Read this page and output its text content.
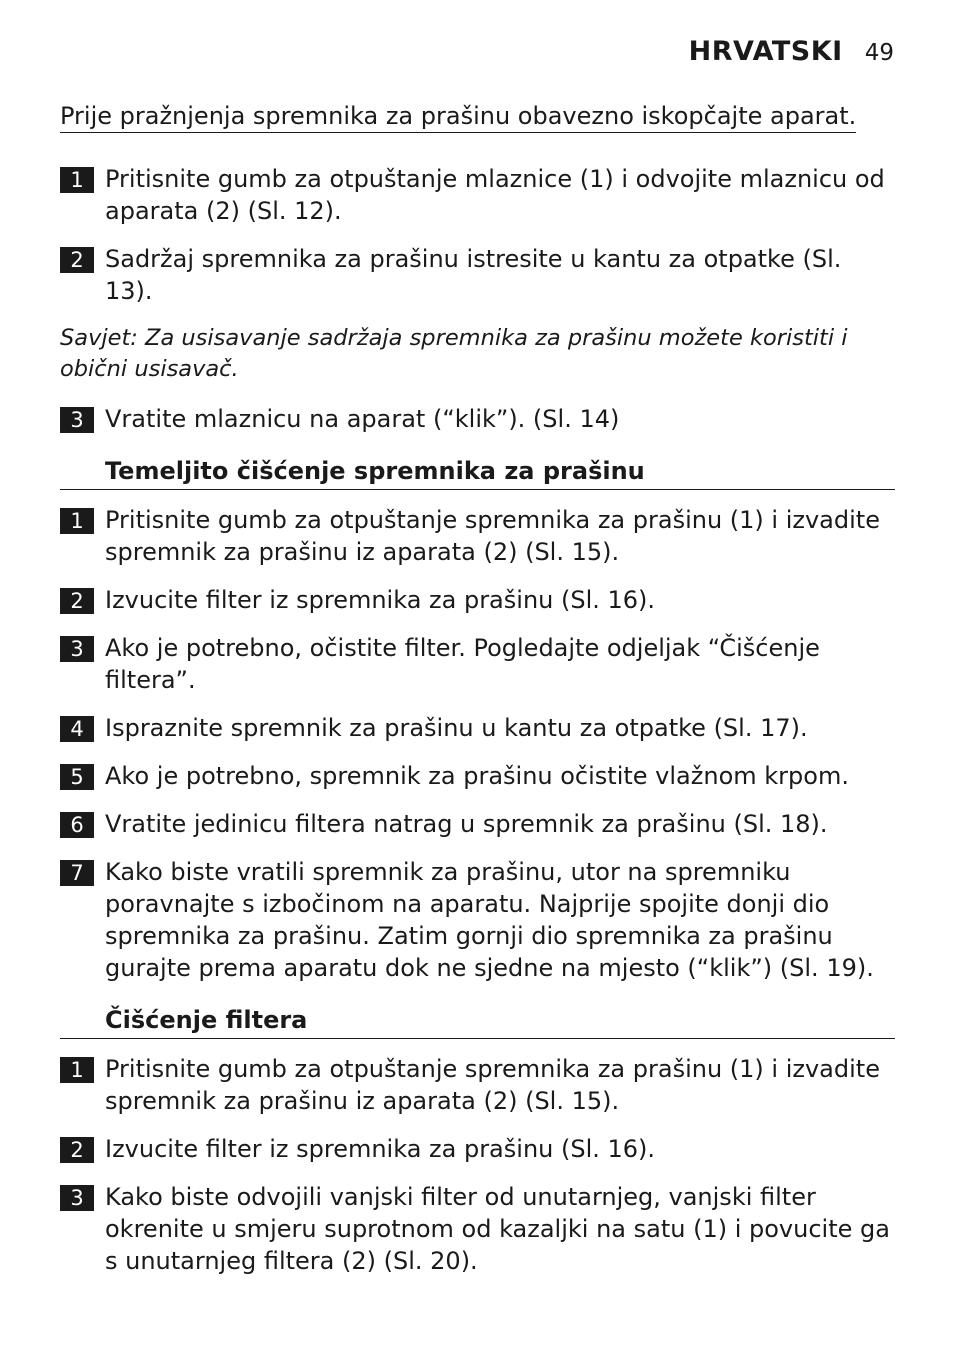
HRVATSKI 49
Prije pražnjenja spremnika za prašinu obavezno iskopčajte aparat.
1 Pritisnite gumb za otpuštanje mlaznice (1) i odvojite mlaznicu od aparata (2) (Sl. 12).
2 Sadržaj spremnika za prašinu istresite u kantu za otpatke (Sl. 13).
Savjet: Za usisavanje sadržaja spremnika za prašinu možete koristiti i obični usisavač.
3 Vratite mlaznicu na aparat (“klik”). (Sl. 14)
Temeljito čišćenje spremnika za prašinu
1 Pritisnite gumb za otpuštanje spremnika za prašinu (1) i izvadite spremnik za prašinu iz aparata (2) (Sl. 15).
2 Izvucite filter iz spremnika za prašinu (Sl. 16).
3 Ako je potrebno, očistite filter. Pogledajte odjeljak “Čišćenje filtera”.
4 Ispraznite spremnik za prašinu u kantu za otpatke (Sl. 17).
5 Ako je potrebno, spremnik za prašinu očistite vlažnom krpom.
6 Vratite jedinicu filtera natrag u spremnik za prašinu (Sl. 18).
7 Kako biste vratili spremnik za prašinu, utor na spremniku poravnajte s izbočinom na aparatu. Najprije spojite donji dio spremnika za prašinu. Zatim gornji dio spremnika za prašinu gurajte prema aparatu dok ne sjedne na mjesto (“klik”) (Sl. 19).
Čišćenje filtera
1 Pritisnite gumb za otpuštanje spremnika za prašinu (1) i izvadite spremnik za prašinu iz aparata (2) (Sl. 15).
2 Izvucite filter iz spremnika za prašinu (Sl. 16).
3 Kako biste odvojili vanjski filter od unutarnjeg, vanjski filter okrenite u smjeru suprotnom od kazaljki na satu (1) i povucite ga s unutarnjeg filtera (2) (Sl. 20).
